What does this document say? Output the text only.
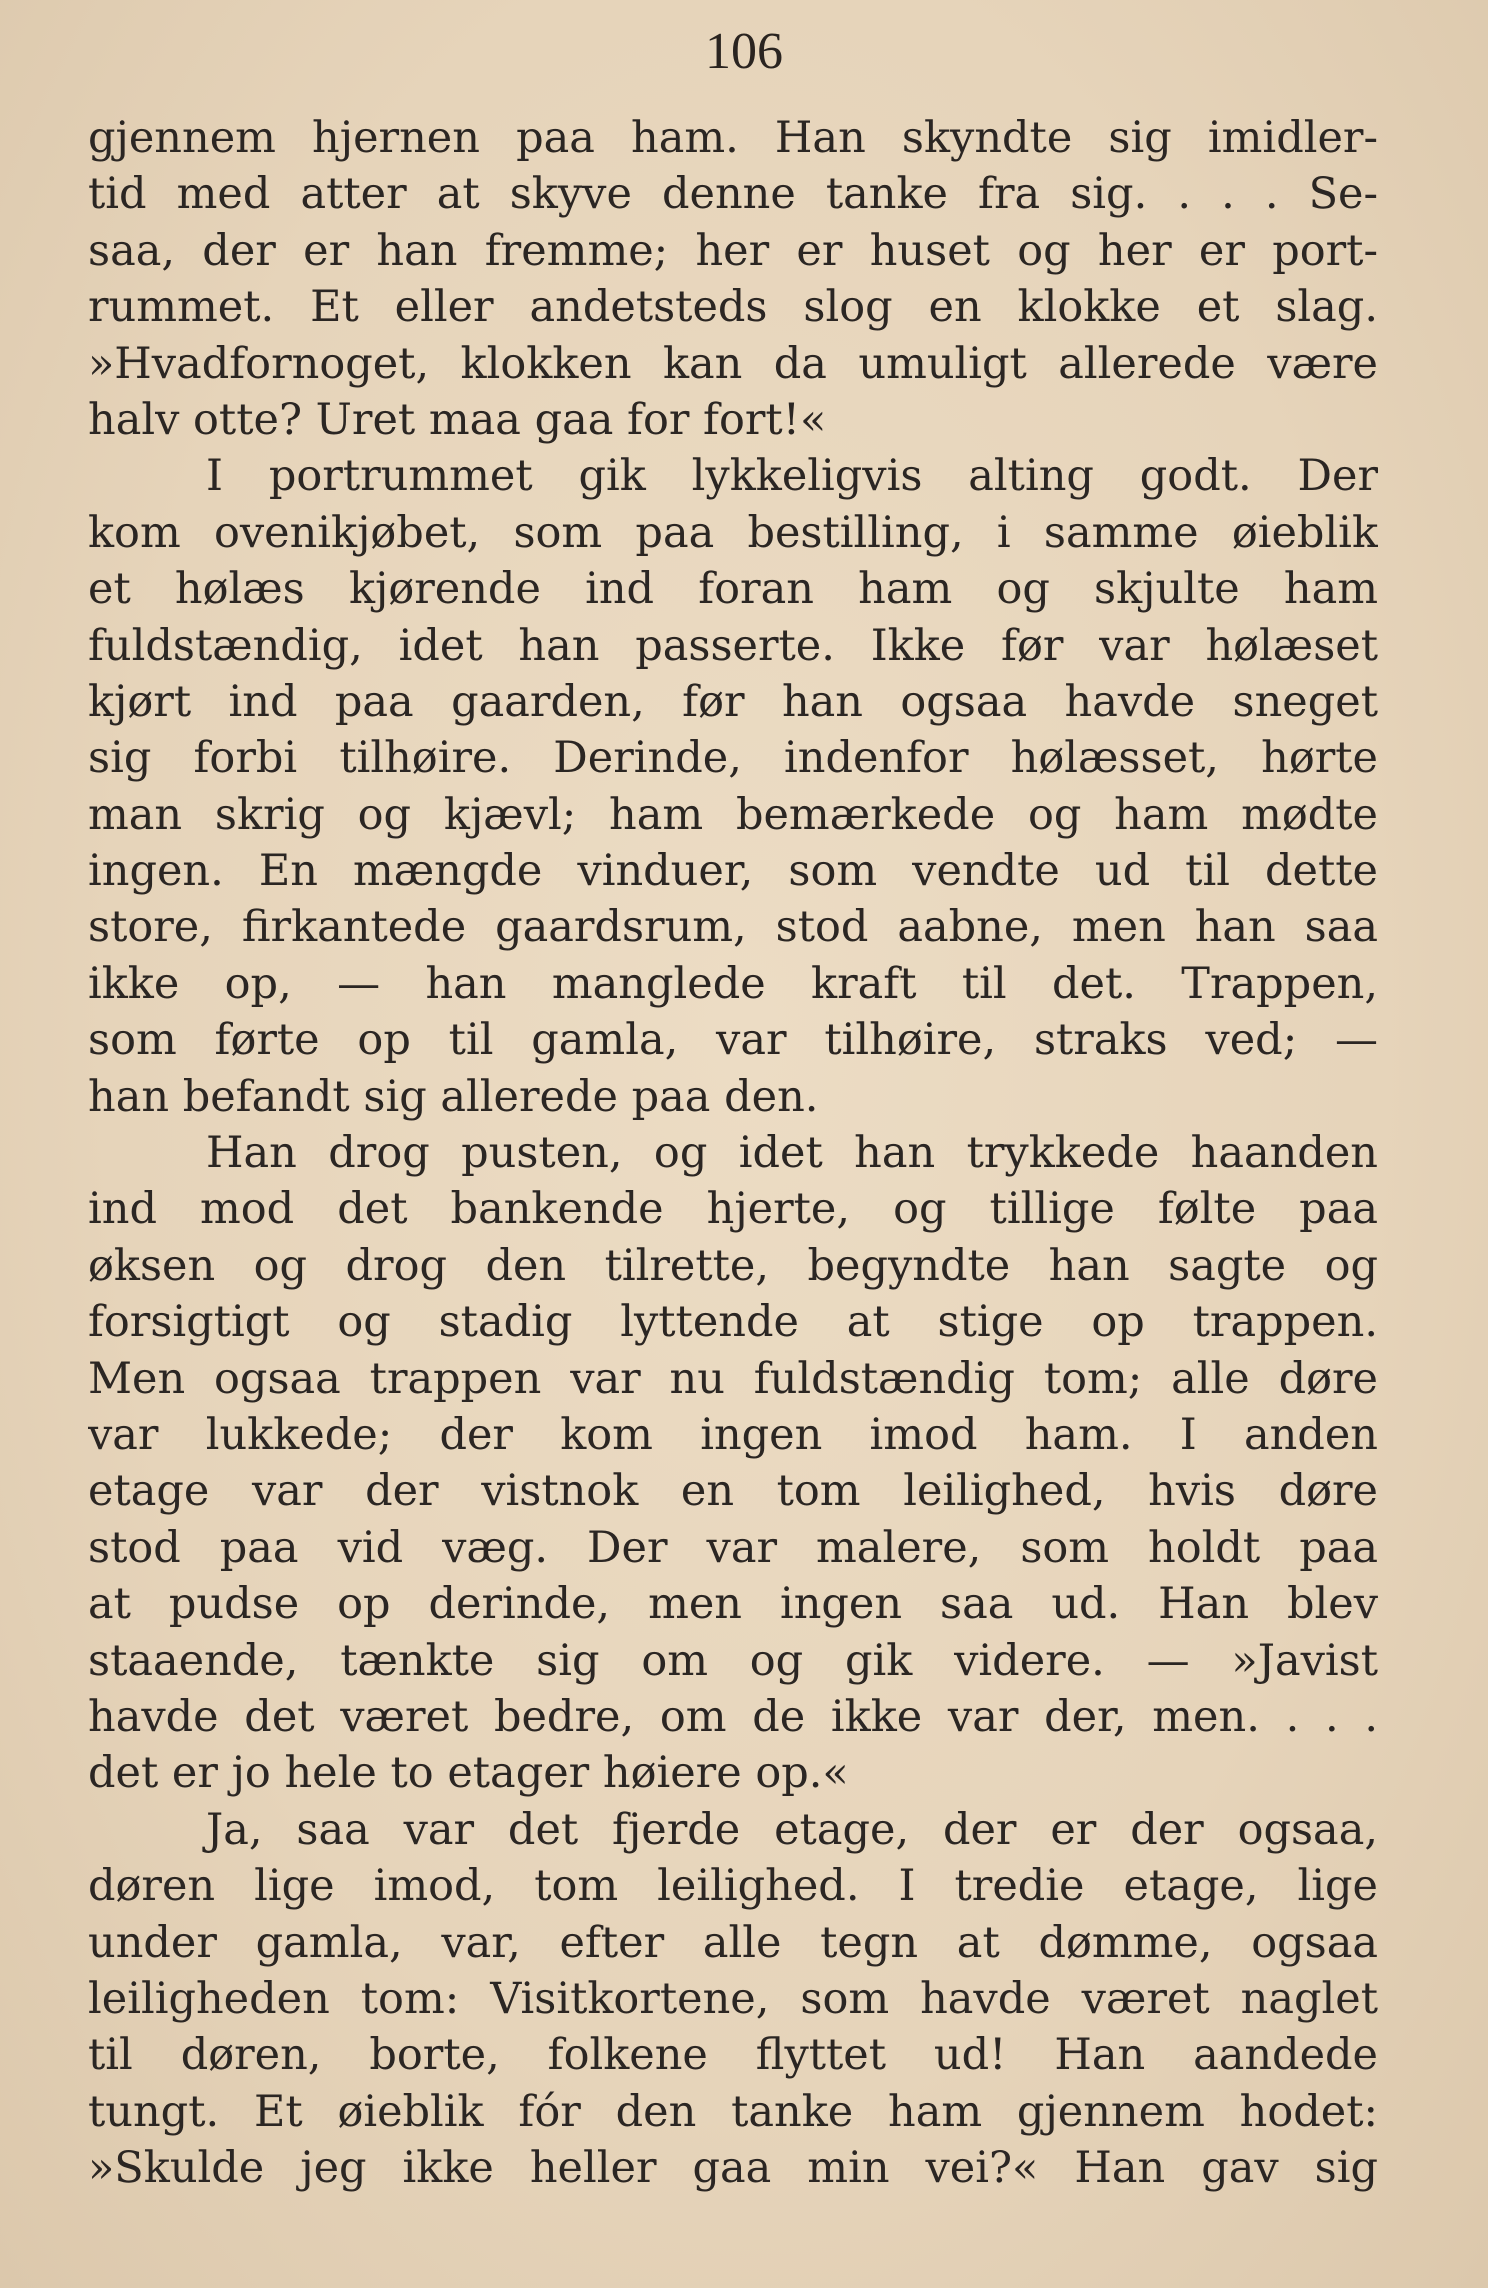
106
gjennem hjernen paa ham. Han skyndte sig imidler-
tid med atter at skyve denne tanke fra sig. . . . Se-
saa, der er han fremme; her er huset og her er port-
rummet. Et eller andetsteds slog en klokke et slag.
»Hvadfornoget, klokken kan da umuligt allerede være
halv otte? Uret maa gaa for fort!«
I portrummet gik lykkeligvis alting godt. Der
kom ovenikjøbet, som paa bestilling, i samme øieblik
et hølæs kjørende ind foran ham og skjulte ham
fuldstændig, idet han passerte. Ikke før var hølæset
kjørt ind paa gaarden, før han ogsaa havde sneget
sig forbi tilhøire. Derinde, indenfor hølæsset, hørte
man skrig og kjævl; ham bemærkede og ham mødte
ingen. En mængde vinduer, som vendte ud til dette
store, firkantede gaardsrum, stod aabne, men han saa
ikke op, — han manglede kraft til det. Trappen,
som førte op til gamla, var tilhøire, straks ved; —
han befandt sig allerede paa den.
Han drog pusten, og idet han trykkede haanden
ind mod det bankende hjerte, og tillige følte paa
øksen og drog den tilrette, begyndte han sagte og
forsigtigt og stadig lyttende at stige op trappen.
Men ogsaa trappen var nu fuldstændig tom; alle døre
var lukkede; der kom ingen imod ham. I anden
etage var der vistnok en tom leilighed, hvis døre
stod paa vid væg. Der var malere, som holdt paa
at pudse op derinde, men ingen saa ud. Han blev
staaende, tænkte sig om og gik videre. — »Javist
havde det været bedre, om de ikke var der, men. . . .
det er jo hele to etager høiere op.«
Ja, saa var det fjerde etage, der er der ogsaa,
døren lige imod, tom leilighed. I tredie etage, lige
under gamla, var, efter alle tegn at dømme, ogsaa
leiligheden tom: Visitkortene, som havde været naglet
til døren, borte, folkene flyttet ud! Han aandede
tungt. Et øieblik fór den tanke ham gjennem hodet:
»Skulde jeg ikke heller gaa min vei?« Han gav sig
